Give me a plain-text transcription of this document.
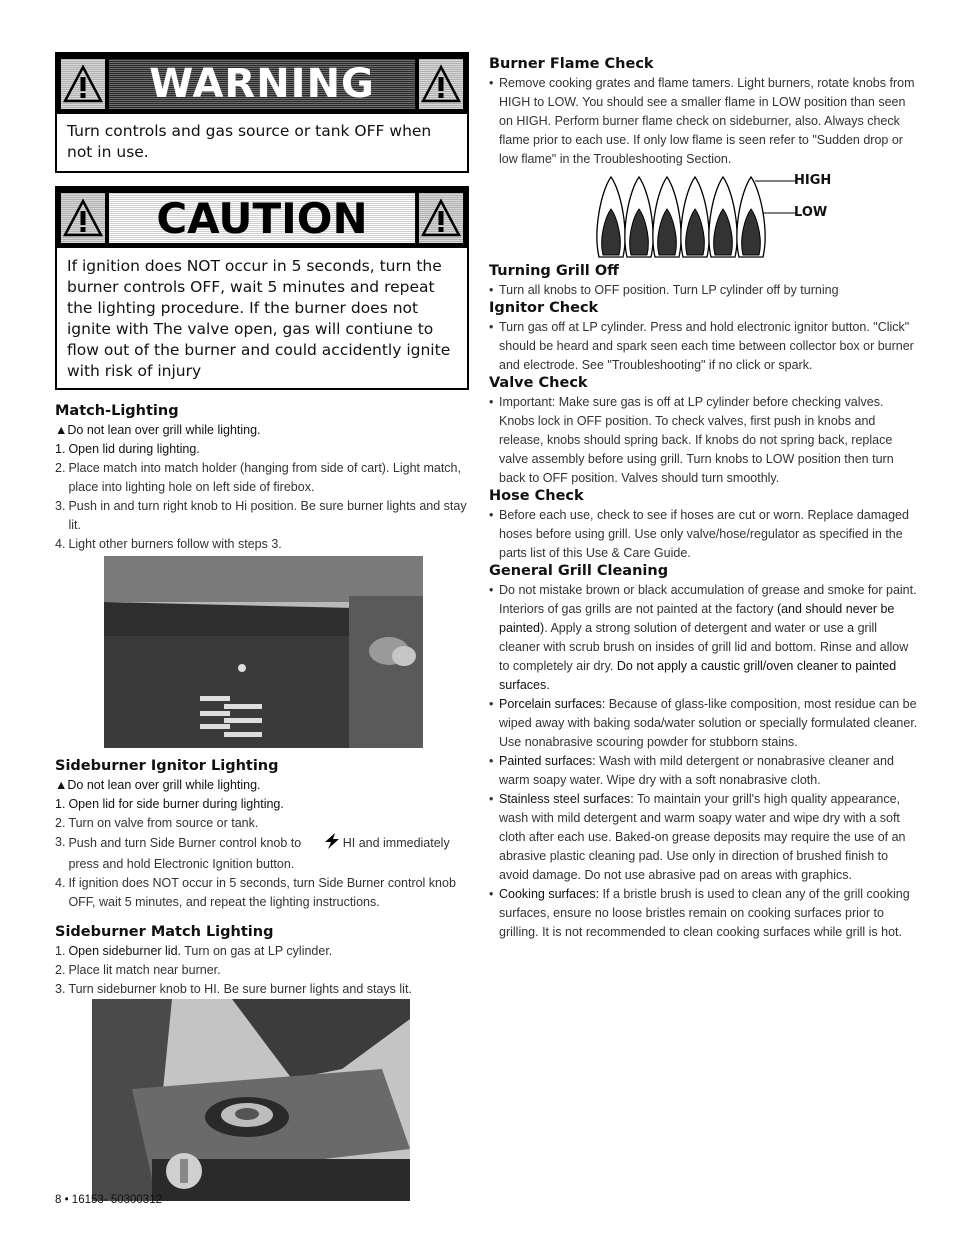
WARNING
Turn controls and gas source or tank OFF when not in use.
CAUTION
If ignition does NOT occur in 5 seconds, turn the burner controls OFF, wait 5 minutes and repeat the lighting procedure. If the burner does not ignite with The valve open, gas will contiune to flow out of the burner and could accidently ignite with risk of injury
Match-Lighting
▲Do not lean over grill while lighting.
1. Open lid during lighting.
2. Place match into match holder (hanging from side of cart). Light match, place into lighting hole on left side of firebox.
3. Push in and turn right knob to Hi position. Be sure burner lights and stay lit.
4. Light other burners follow with steps 3.
Sideburner Ignitor Lighting
▲Do not lean over grill while lighting.
1. Open lid for side burner during lighting.
2. Turn on valve from source or tank.
3. Push and turn Side Burner control knob to	HI and immediately press and hold Electronic Ignition button.
4. If ignition does NOT occur in 5 seconds, turn Side Burner control knob OFF, wait 5 minutes, and repeat the lighting instructions.
Sideburner Match Lighting
1. Open sideburner lid. Turn on gas at LP cylinder.
2. Place lit match near burner.
3. Turn sideburner knob to HI. Be sure burner lights and stays lit.
Burner Flame Check
• Remove cooking grates and flame tamers. Light burners, rotate knobs from HIGH to LOW. You should see a smaller flame in LOW position than seen on HIGH. Perform burner flame check on sideburner, also. Always check flame prior to each use. If only low flame is seen refer to "Sudden drop or low flame" in the Troubleshooting Section.
HIGH
LOW
Turning Grill Off
• Turn all knobs to OFF position. Turn LP cylinder off by turning
Ignitor Check
• Turn gas off at LP cylinder. Press and hold electronic ignitor button. "Click" should be heard and spark seen each time between collector box or burner and electrode. See "Troubleshooting" if no click or spark.
Valve Check
• Important: Make sure gas is off at LP cylinder before checking valves. Knobs lock in OFF position. To check valves, first push in knobs and release, knobs should spring back. If knobs do not spring back, replace valve assembly before using grill. Turn knobs to LOW position then turn back to OFF position. Valves should turn smoothly.
Hose Check
• Before each use, check to see if hoses are cut or worn. Replace damaged hoses before using grill. Use only valve/hose/regulator as specified in the parts list of this Use & Care Guide.
General Grill Cleaning
• Do not mistake brown or black accumulation of grease and smoke for paint. Interiors of gas grills are not painted at the factory (and should never be painted). Apply a strong solution of detergent and water or use a grill cleaner with scrub brush on insides of grill lid and bottom. Rinse and allow to completely air dry. Do not apply a caustic grill/oven cleaner to painted surfaces.
• Porcelain surfaces: Because of glass-like composition, most residue can be wiped away with baking soda/water solution or specially formulated cleaner. Use nonabrasive scouring powder for stubborn stains.
• Painted surfaces: Wash with mild detergent or nonabrasive cleaner and warm soapy water. Wipe dry with a soft nonabrasive cloth.
• Stainless steel surfaces: To maintain your grill's high quality appearance, wash with mild detergent and warm soapy water and wipe dry with a soft cloth after each use. Baked-on grease deposits may require the use of an abrasive plastic cleaning pad. Use only in direction of brushed finish to avoid damage. Do not use abrasive pad on areas with graphics.
• Cooking surfaces: If a bristle brush is used to clean any of the grill cooking surfaces, ensure no loose bristles remain on cooking surfaces prior to grilling. It is not recommended to clean cooking surfaces while grill is hot.
8 • 16153- 50300312
